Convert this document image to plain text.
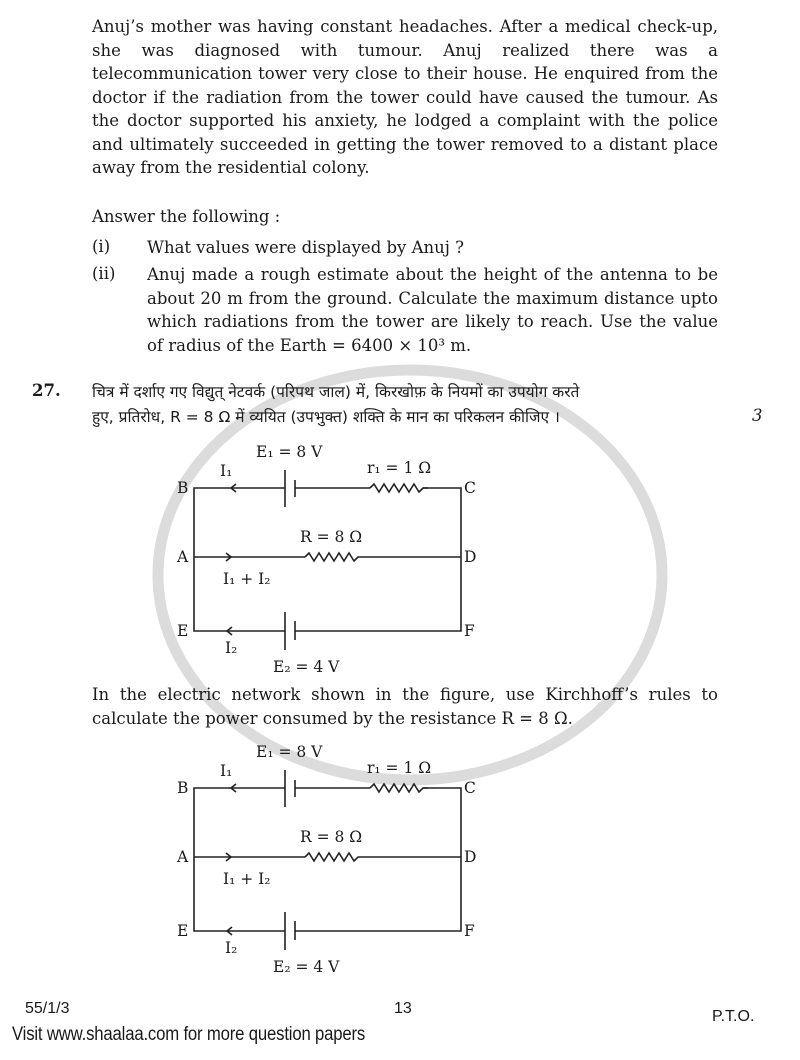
Anuj’s mother was having constant headaches. After a medical check-up,
she was diagnosed with tumour. Anuj realized there was a
telecommunication tower very close to their house. He enquired from the
doctor if the radiation from the tower could have caused the tumour. As
the doctor supported his anxiety, he lodged a complaint with the police
and ultimately succeeded in getting the tower removed to a distant place
away from the residential colony.
Answer the following :
(i) What values were displayed by Anuj ?
(ii) Anuj made a rough estimate about the height of the antenna to be
about 20 m from the ground. Calculate the maximum distance upto
which radiations from the tower are likely to reach. Use the value
of radius of the Earth = 6400 × 10³ m.
27. चित्र में दर्शाए गए विद्युत् नेटवर्क (परिपथ जाल) में, किरखोफ़ के नियमों का उपयोग करते
हुए, प्रतिरोध, R = 8 Ω में व्ययित (उपभुक्त) शक्ति के मान का परिकलन कीजिए ।	3
B	C
A	D
E	F
E₁ = 8 V
I₁	r₁ = 1 Ω
R = 8 Ω
I₁ + I₂
I₂
E₂ = 4 V
In the electric network shown in the figure, use Kirchhoff’s rules to
calculate the power consumed by the resistance R = 8 Ω.
B	C
A	D
E	F
E₁ = 8 V
I₁	r₁ = 1 Ω
R = 8 Ω
I₁ + I₂
I₂
E₂ = 4 V
55/1/3	13	P.T.O.
Visit www.shaalaa.com for more question papers
